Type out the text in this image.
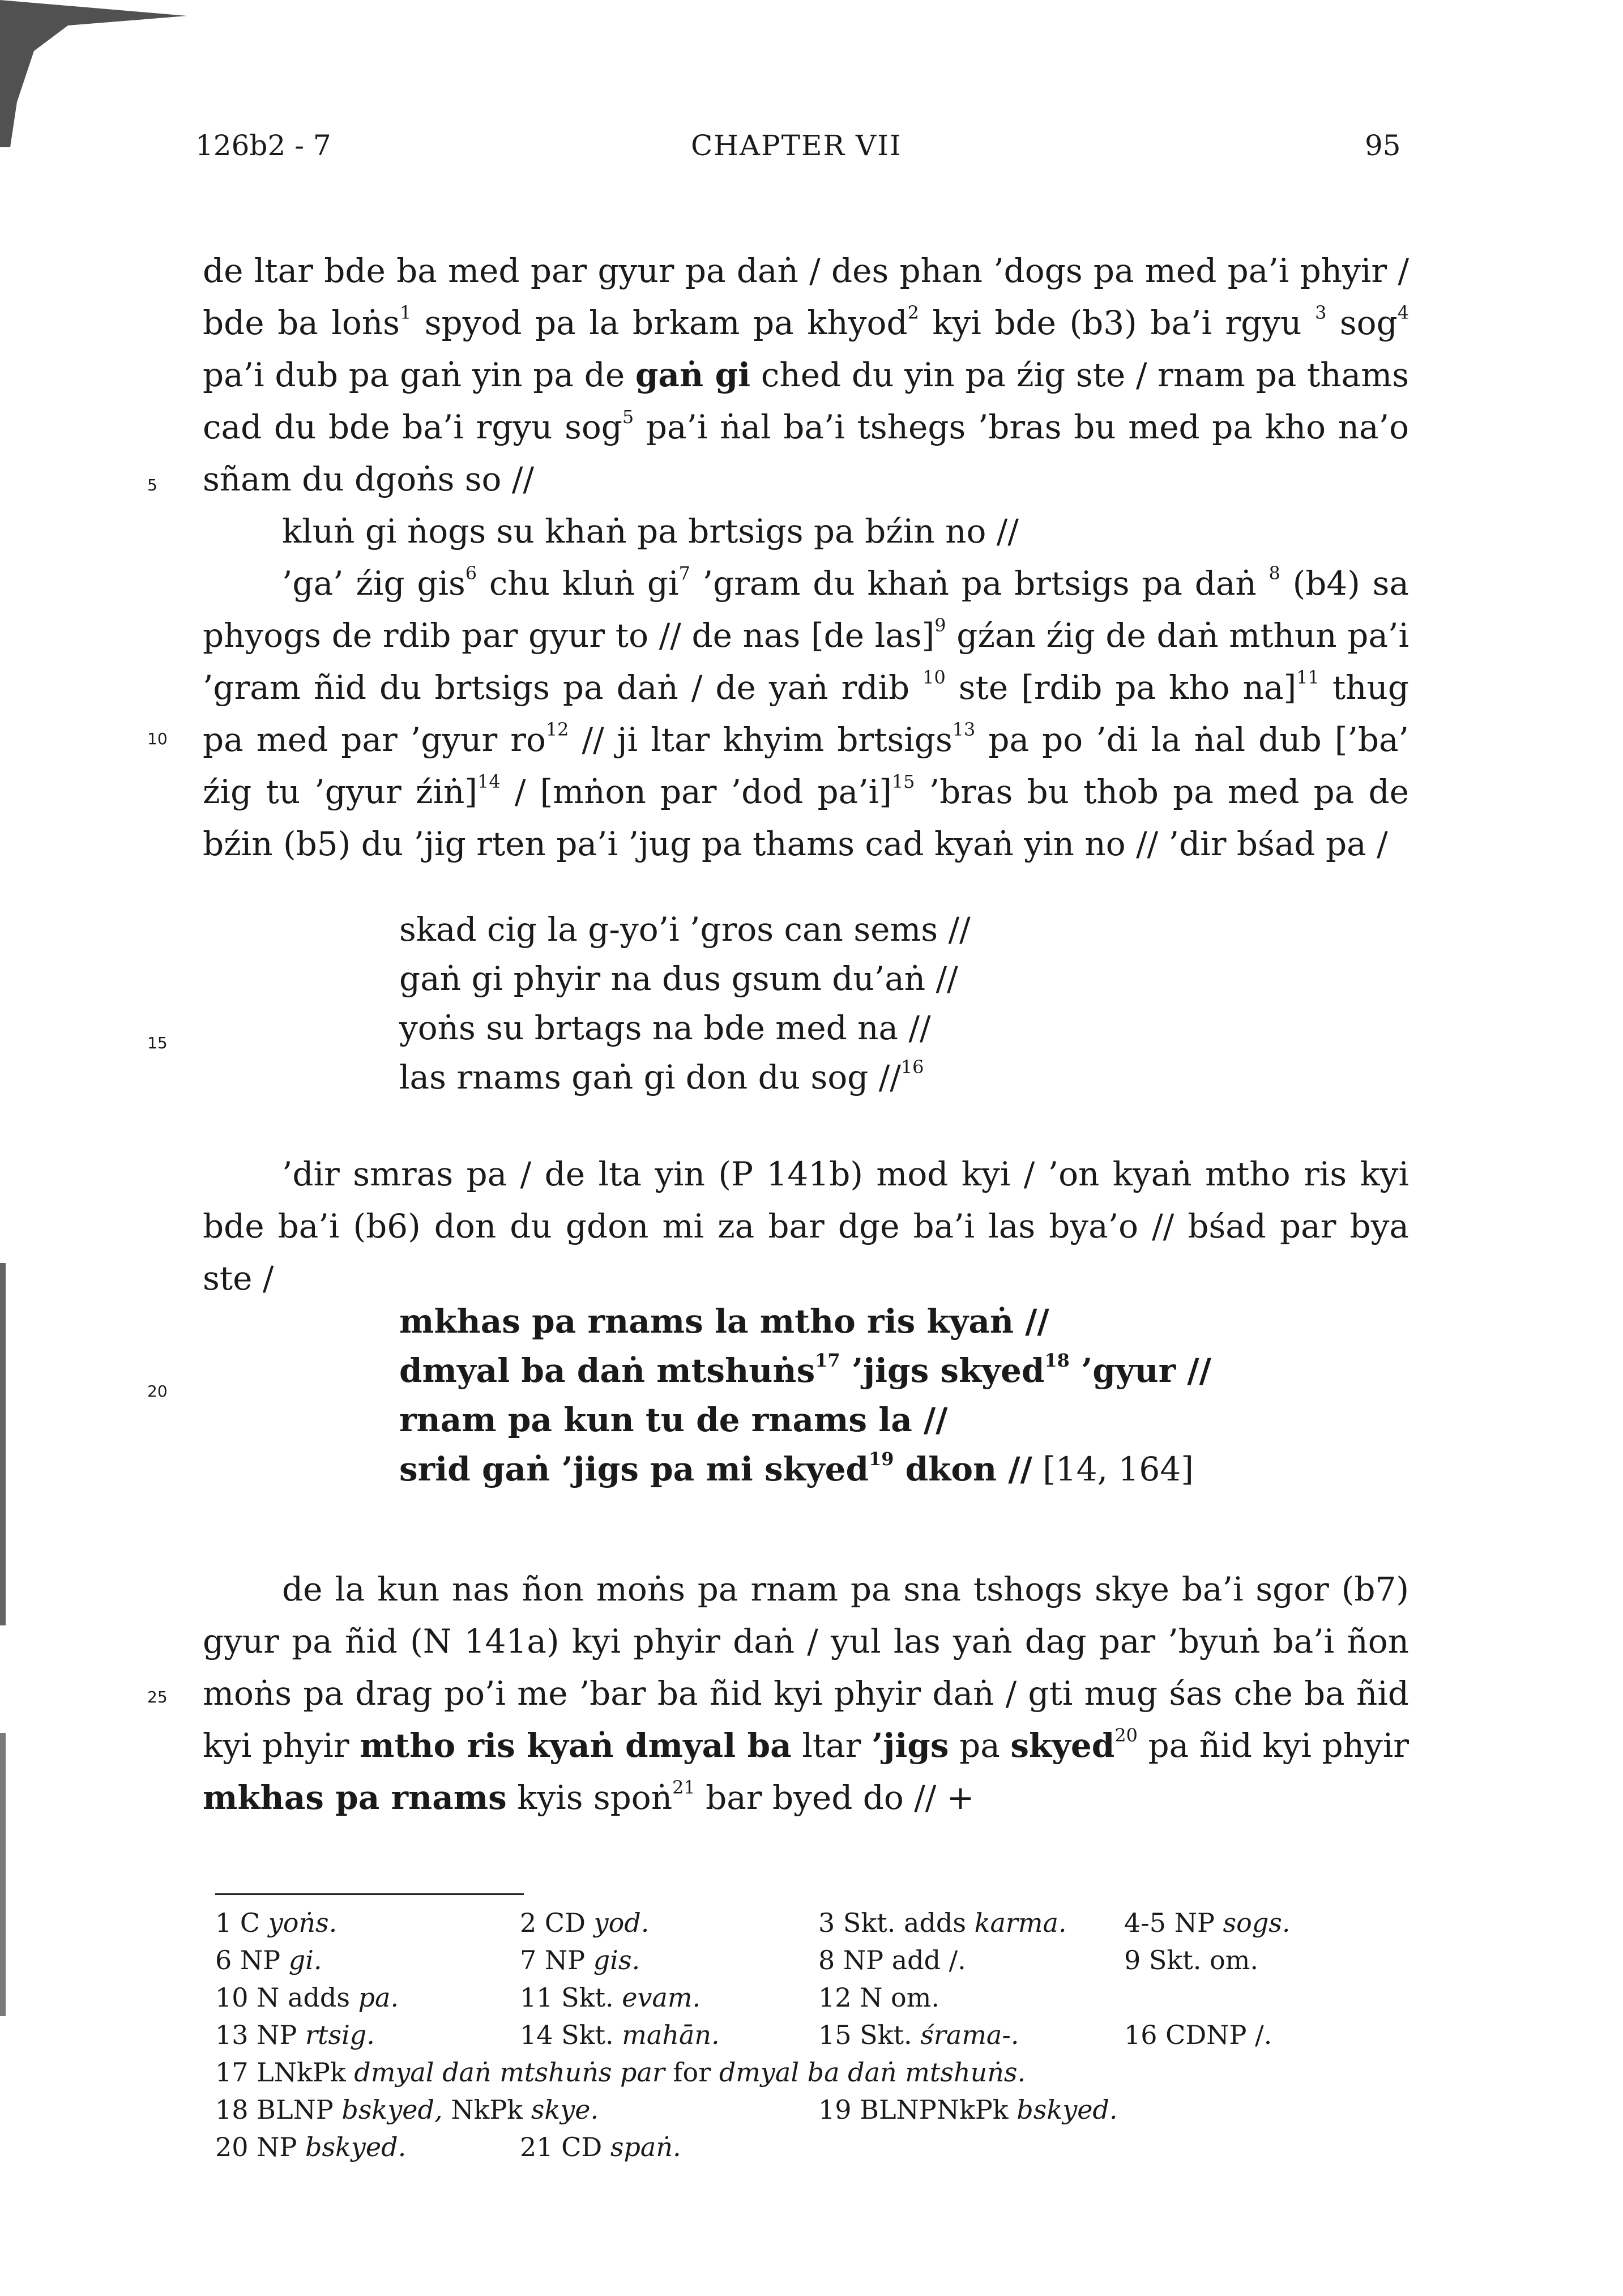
126b2 - 7	CHAPTER VII	95
5
10
15
20
25

de ltar bde ba med par gyur pa daṅ / des phan ’dogs pa med pa’i phyir / bde ba loṅs$^1$ spyod pa la brkam pa khyod$^2$ kyi bde (b3) ba’i rgyu $^3$ sog$^4$ pa’i dub pa gaṅ yin pa de gaṅ gi ched du yin pa źig ste / rnam pa thams cad du bde ba’i rgyu sog$^5$ pa’i ṅal ba’i tshegs ’bras bu med pa kho na’o sñam du dgoṅs so //

kluṅ gi ṅogs su khaṅ pa brtsigs pa bźin no //

’ga’ źig gis$^6$ chu kluṅ $gi^7$ ’gram du khaṅ pa brtsigs pa daṅ $^8$ (b4) sa phyogs de rdib par gyur to // de nas [de las]$^9$ gźan źig de daṅ mthun pa’i ’gram ñid du brtsigs pa daṅ / de yaṅ rdib $^{10}$ ste [rdib pa kho na]$^{11}$ thug pa med par ’gyur $ro^{12}$ // ji ltar khyim brtsigs$^{13}$ pa po ’di la ṅal dub [’ba’ źig tu ’gyur źiṅ]$^{14}$ / [mṅon par ’dod pa’i]$^{15}$ ’bras bu thob pa med pa de bźin (b5) du ’jig rten pa’i ’jug pa thams cad kyaṅ yin no // ’dir bśad pa /

skad cig la g-yo’i ’gros can sems //
gaṅ gi phyir na dus gsum du’aṅ //
yoṅs su brtags na bde med na //
las rnams gaṅ gi don du sog //$^{16}$

’dir smras pa / de lta yin (P 141b) mod kyi / ’on kyaṅ mtho ris kyi bde ba’i (b6) don du gdon mi za bar dge ba’i las bya’o // bśad par bya ste /

mkhas pa rnams la mtho ris kyaṅ //
dmyal ba daṅ mtshuṅs$^{17}$ ’jigs skyed$^{18}$ ’gyur //
rnam pa kun tu de rnams la //
srid gaṅ ’jigs pa mi skyed$^{19}$ dkon // [14, 164]

de la kun nas ñon moṅs pa rnam pa sna tshogs skye ba’i sgor (b7) gyur pa ñid (N 141a) kyi phyir daṅ / yul las yaṅ dag par ’byuṅ ba’i ñon moṅs pa drag po’i me ’bar ba ñid kyi phyir daṅ / gti mug śas che ba ñid kyi phyir mtho ris kyaṅ dmyal ba ltar ’jigs pa skyed$^{20}$ pa ñid kyi phyir mkhas pa rnams kyis spoṅ$^{21}$ bar byed do // +

1 C yoṅs.	2 CD yod.	3 Skt. adds karma. 4-5 NP sogs.
6 NP gi.	7 NP gis.	8 NP add /.	9 Skt. om.
10 N adds pa.	11 Skt. evam.	12 N om.
13 NP rtsig.	14 Skt. mahān.	15 Skt. śrama-.	16 CDNP /.
17 LNkPk dmyal daṅ mtshuṅs par for dmyal ba daṅ mtshuṅs.
18 BLNP bskyed, NkPk skye.	19 BLNPNkPk bskyed.
20 NP bskyed.	21 CD spaṅ.
